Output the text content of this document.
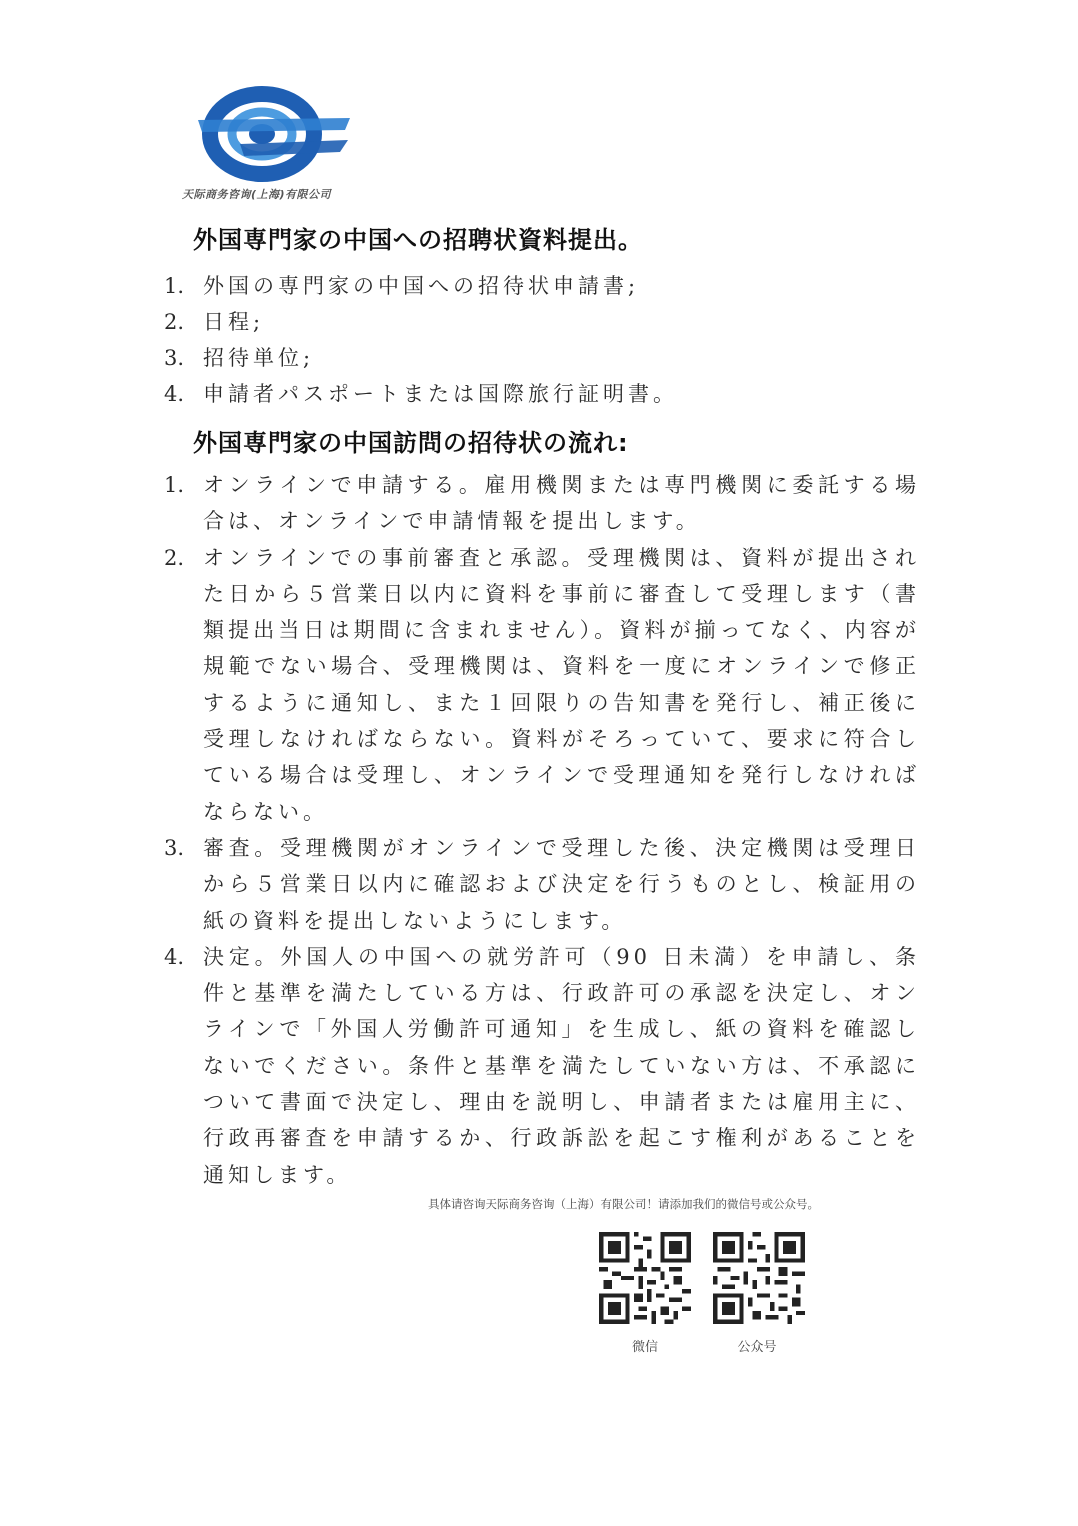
天际商务咨询(上海)有限公司
外国専門家の中国への招聘状資料提出。
1. 外国の専門家の中国への招待状申請書;
2. 日程;
3. 招待単位;
4. 申請者パスポートまたは国際旅行証明書。
外国専門家の中国訪問の招待状の流れ:
1. オンラインで申請する。雇用機関または専門機関に委託する場合は、オンラインで申請情報を提出します。
2. オンラインでの事前審査と承認。受理機関は、資料が提出された日から５営業日以内に資料を事前に審査して受理します（書類提出当日は期間に含まれません）。資料が揃ってなく、内容が規範でない場合、受理機関は、資料を一度にオンラインで修正するように通知し、また１回限りの告知書を発行し、補正後に受理しなければならない。資料がそろっていて、要求に符合している場合は受理し、オンラインで受理通知を発行しなければならない。
3. 審査。受理機関がオンラインで受理した後、決定機関は受理日から５営業日以内に確認および決定を行うものとし、検証用の紙の資料を提出しないようにします。
4. 決定。外国人の中国への就労許可（90 日未満）を申請し、条件と基準を満たしている方は、行政許可の承認を決定し、オンラインで「外国人労働許可通知」を生成し、紙の資料を確認しないでください。条件と基準を満たしていない方は、不承認について書面で決定し、理由を説明し、申請者または雇用主に、行政再審査を申請するか、行政訴訟を起こす権利があることを通知します。
具体请咨询天际商务咨询（上海）有限公司！请添加我们的微信号或公众号。
微信	公众号
